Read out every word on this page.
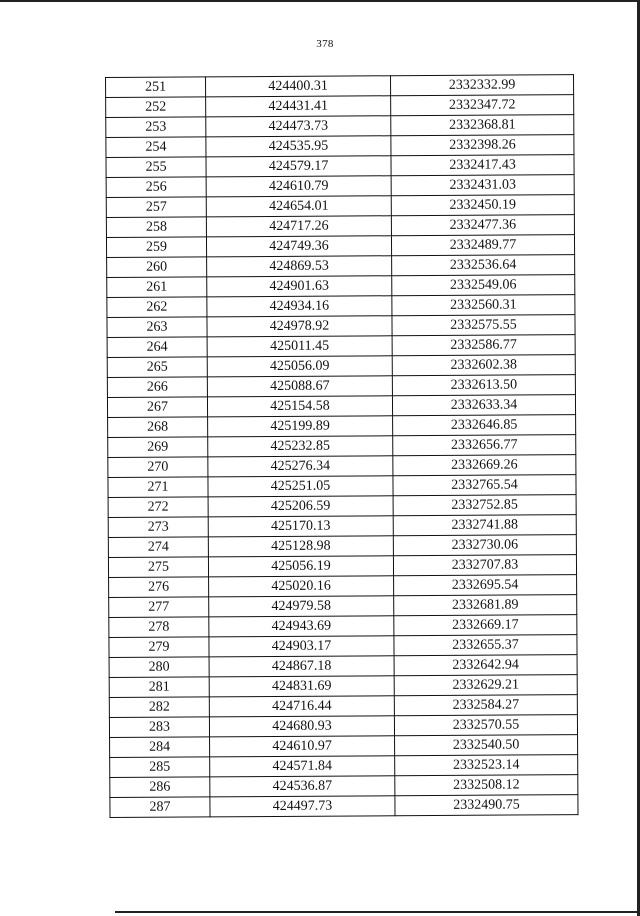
378
251	424400.31	2332332.99
252	424431.41	2332347.72
253	424473.73	2332368.81
254	424535.95	2332398.26
255	424579.17	2332417.43
256	424610.79	2332431.03
257	424654.01	2332450.19
258	424717.26	2332477.36
259	424749.36	2332489.77
260	424869.53	2332536.64
261	424901.63	2332549.06
262	424934.16	2332560.31
263	424978.92	2332575.55
264	425011.45	2332586.77
265	425056.09	2332602.38
266	425088.67	2332613.50
267	425154.58	2332633.34
268	425199.89	2332646.85
269	425232.85	2332656.77
270	425276.34	2332669.26
271	425251.05	2332765.54
272	425206.59	2332752.85
273	425170.13	2332741.88
274	425128.98	2332730.06
275	425056.19	2332707.83
276	425020.16	2332695.54
277	424979.58	2332681.89
278	424943.69	2332669.17
279	424903.17	2332655.37
280	424867.18	2332642.94
281	424831.69	2332629.21
282	424716.44	2332584.27
283	424680.93	2332570.55
284	424610.97	2332540.50
285	424571.84	2332523.14
286	424536.87	2332508.12
287	424497.73	2332490.75
